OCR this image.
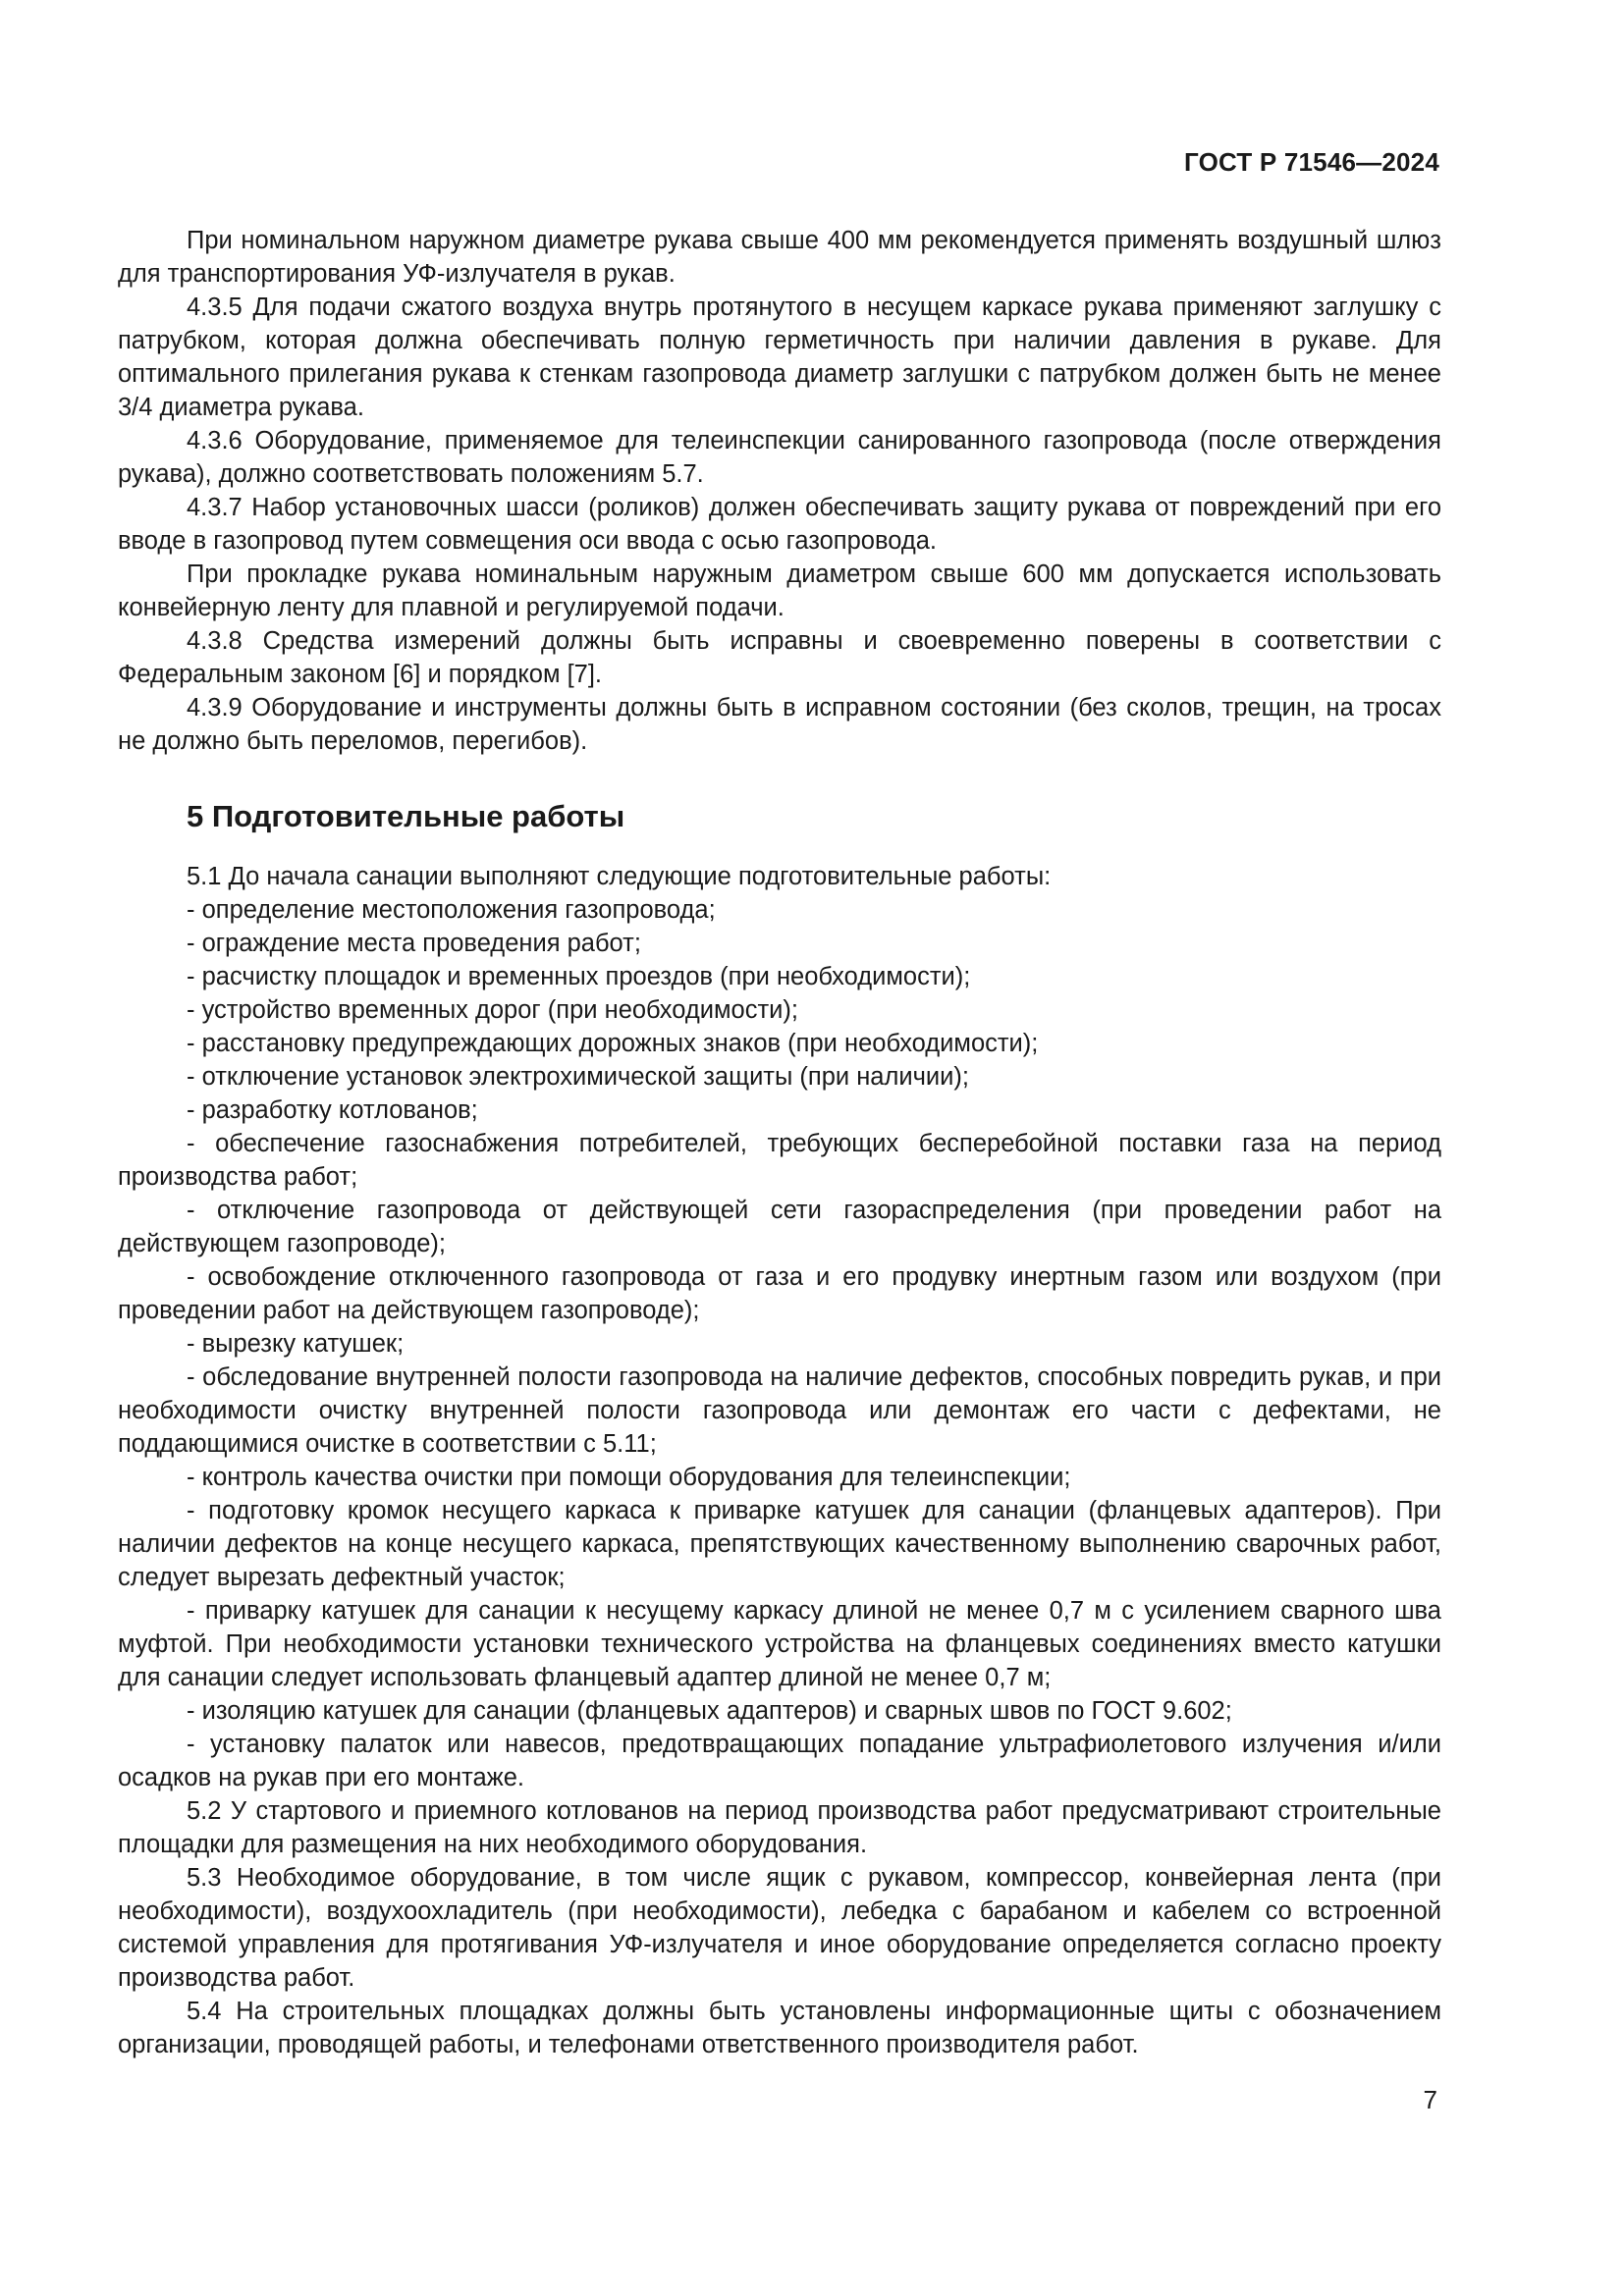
ГОСТ Р 71546—2024

При номинальном наружном диаметре рукава свыше 400 мм рекомендуется применять воздушный шлюз для транспортирования УФ-излучателя в рукав.

4.3.5 Для подачи сжатого воздуха внутрь протянутого в несущем каркасе рукава применяют заглушку с патрубком, которая должна обеспечивать полную герметичность при наличии давления в рукаве. Для оптимального прилегания рукава к стенкам газопровода диаметр заглушки с патрубком должен быть не менее 3/4 диаметра рукава.

4.3.6 Оборудование, применяемое для телеинспекции санированного газопровода (после отверждения рукава), должно соответствовать положениям 5.7.

4.3.7 Набор установочных шасси (роликов) должен обеспечивать защиту рукава от повреждений при его вводе в газопровод путем совмещения оси ввода с осью газопровода.

При прокладке рукава номинальным наружным диаметром свыше 600 мм допускается использовать конвейерную ленту для плавной и регулируемой подачи.

4.3.8 Средства измерений должны быть исправны и своевременно поверены в соответствии с Федеральным законом [6] и порядком [7].

4.3.9 Оборудование и инструменты должны быть в исправном состоянии (без сколов, трещин, на тросах не должно быть переломов, перегибов).

5 Подготовительные работы

5.1 До начала санации выполняют следующие подготовительные работы:

- определение местоположения газопровода;

- ограждение места проведения работ;

- расчистку площадок и временных проездов (при необходимости);

- устройство временных дорог (при необходимости);

- расстановку предупреждающих дорожных знаков (при необходимости);

- отключение установок электрохимической защиты (при наличии);

- разработку котлованов;

- обеспечение газоснабжения потребителей, требующих бесперебойной поставки газа на период производства работ;

- отключение газопровода от действующей сети газораспределения (при проведении работ на действующем газопроводе);

- освобождение отключенного газопровода от газа и его продувку инертным газом или воздухом (при проведении работ на действующем газопроводе);

- вырезку катушек;

- обследование внутренней полости газопровода на наличие дефектов, способных повредить рукав, и при необходимости очистку внутренней полости газопровода или демонтаж его части с дефектами, не поддающимися очистке в соответствии с 5.11;

- контроль качества очистки при помощи оборудования для телеинспекции;

- подготовку кромок несущего каркаса к приварке катушек для санации (фланцевых адаптеров). При наличии дефектов на конце несущего каркаса, препятствующих качественному выполнению сварочных работ, следует вырезать дефектный участок;

- приварку катушек для санации к несущему каркасу длиной не менее 0,7 м с усилением сварного шва муфтой. При необходимости установки технического устройства на фланцевых соединениях вместо катушки для санации следует использовать фланцевый адаптер длиной не менее 0,7 м;

- изоляцию катушек для санации (фланцевых адаптеров) и сварных швов по ГОСТ 9.602;

- установку палаток или навесов, предотвращающих попадание ультрафиолетового излучения и/или осадков на рукав при его монтаже.

5.2 У стартового и приемного котлованов на период производства работ предусматривают строительные площадки для размещения на них необходимого оборудования.

5.3 Необходимое оборудование, в том числе ящик с рукавом, компрессор, конвейерная лента (при необходимости), воздухоохладитель (при необходимости), лебедка с барабаном и кабелем со встроенной системой управления для протягивания УФ-излучателя и иное оборудование определяется согласно проекту производства работ.

5.4 На строительных площадках должны быть установлены информационные щиты с обозначением организации, проводящей работы, и телефонами ответственного производителя работ.

7
